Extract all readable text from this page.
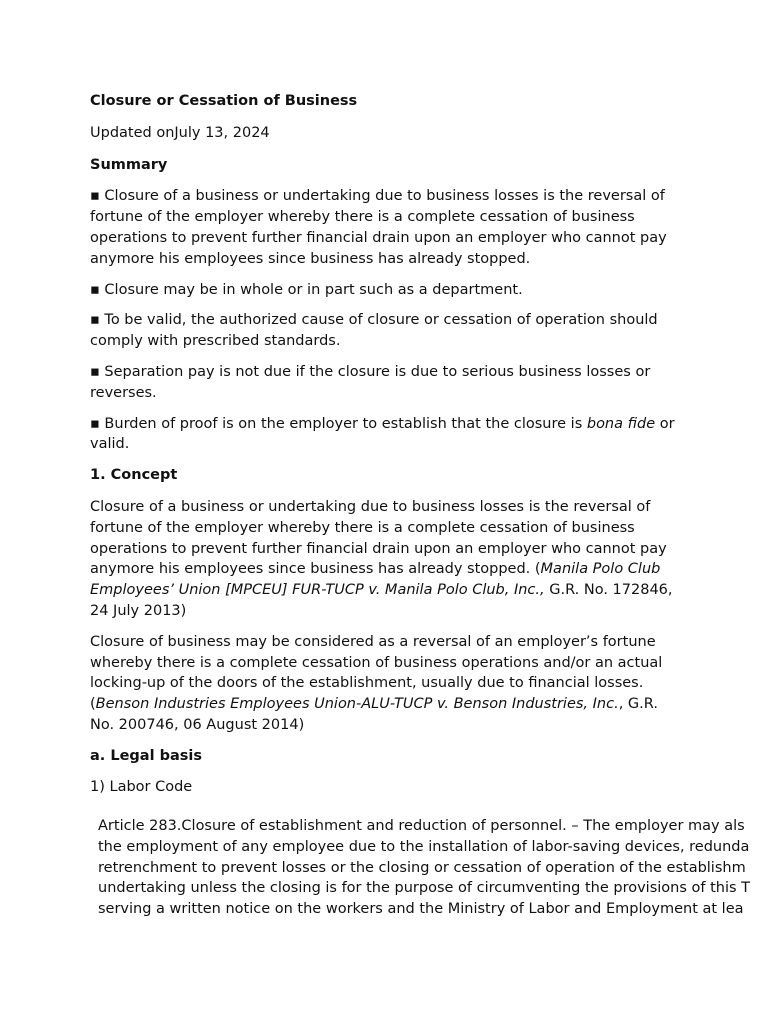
Closure or Cessation of Business

Updated onJuly 13, 2024

Summary

▪ Closure of a business or undertaking due to business losses is the reversal of fortune of the employer whereby there is a complete cessation of business operations to prevent further financial drain upon an employer who cannot pay anymore his employees since business has already stopped.

▪ Closure may be in whole or in part such as a department.

▪ To be valid, the authorized cause of closure or cessation of operation should comply with prescribed standards.

▪ Separation pay is not due if the closure is due to serious business losses or reverses.

▪ Burden of proof is on the employer to establish that the closure is bona fide or valid.

1. Concept

Closure of a business or undertaking due to business losses is the reversal of fortune of the employer whereby there is a complete cessation of business operations to prevent further financial drain upon an employer who cannot pay anymore his employees since business has already stopped. (Manila Polo Club Employees’ Union [MPCEU] FUR-TUCP v. Manila Polo Club, Inc., G.R. No. 172846, 24 July 2013)

Closure of business may be considered as a reversal of an employer’s fortune whereby there is a complete cessation of business operations and/or an actual locking-up of the doors of the establishment, usually due to financial losses. (Benson Industries Employees Union-ALU-TUCP v. Benson Industries, Inc., G.R. No. 200746, 06 August 2014)

a. Legal basis

1) Labor Code

Article 283.Closure of establishment and reduction of personnel. – The employer may als
the employment of any employee due to the installation of labor-saving devices, redunda
retrenchment to prevent losses or the closing or cessation of operation of the establishm
undertaking unless the closing is for the purpose of circumventing the provisions of this T
serving a written notice on the workers and the Ministry of Labor and Employment at lea
